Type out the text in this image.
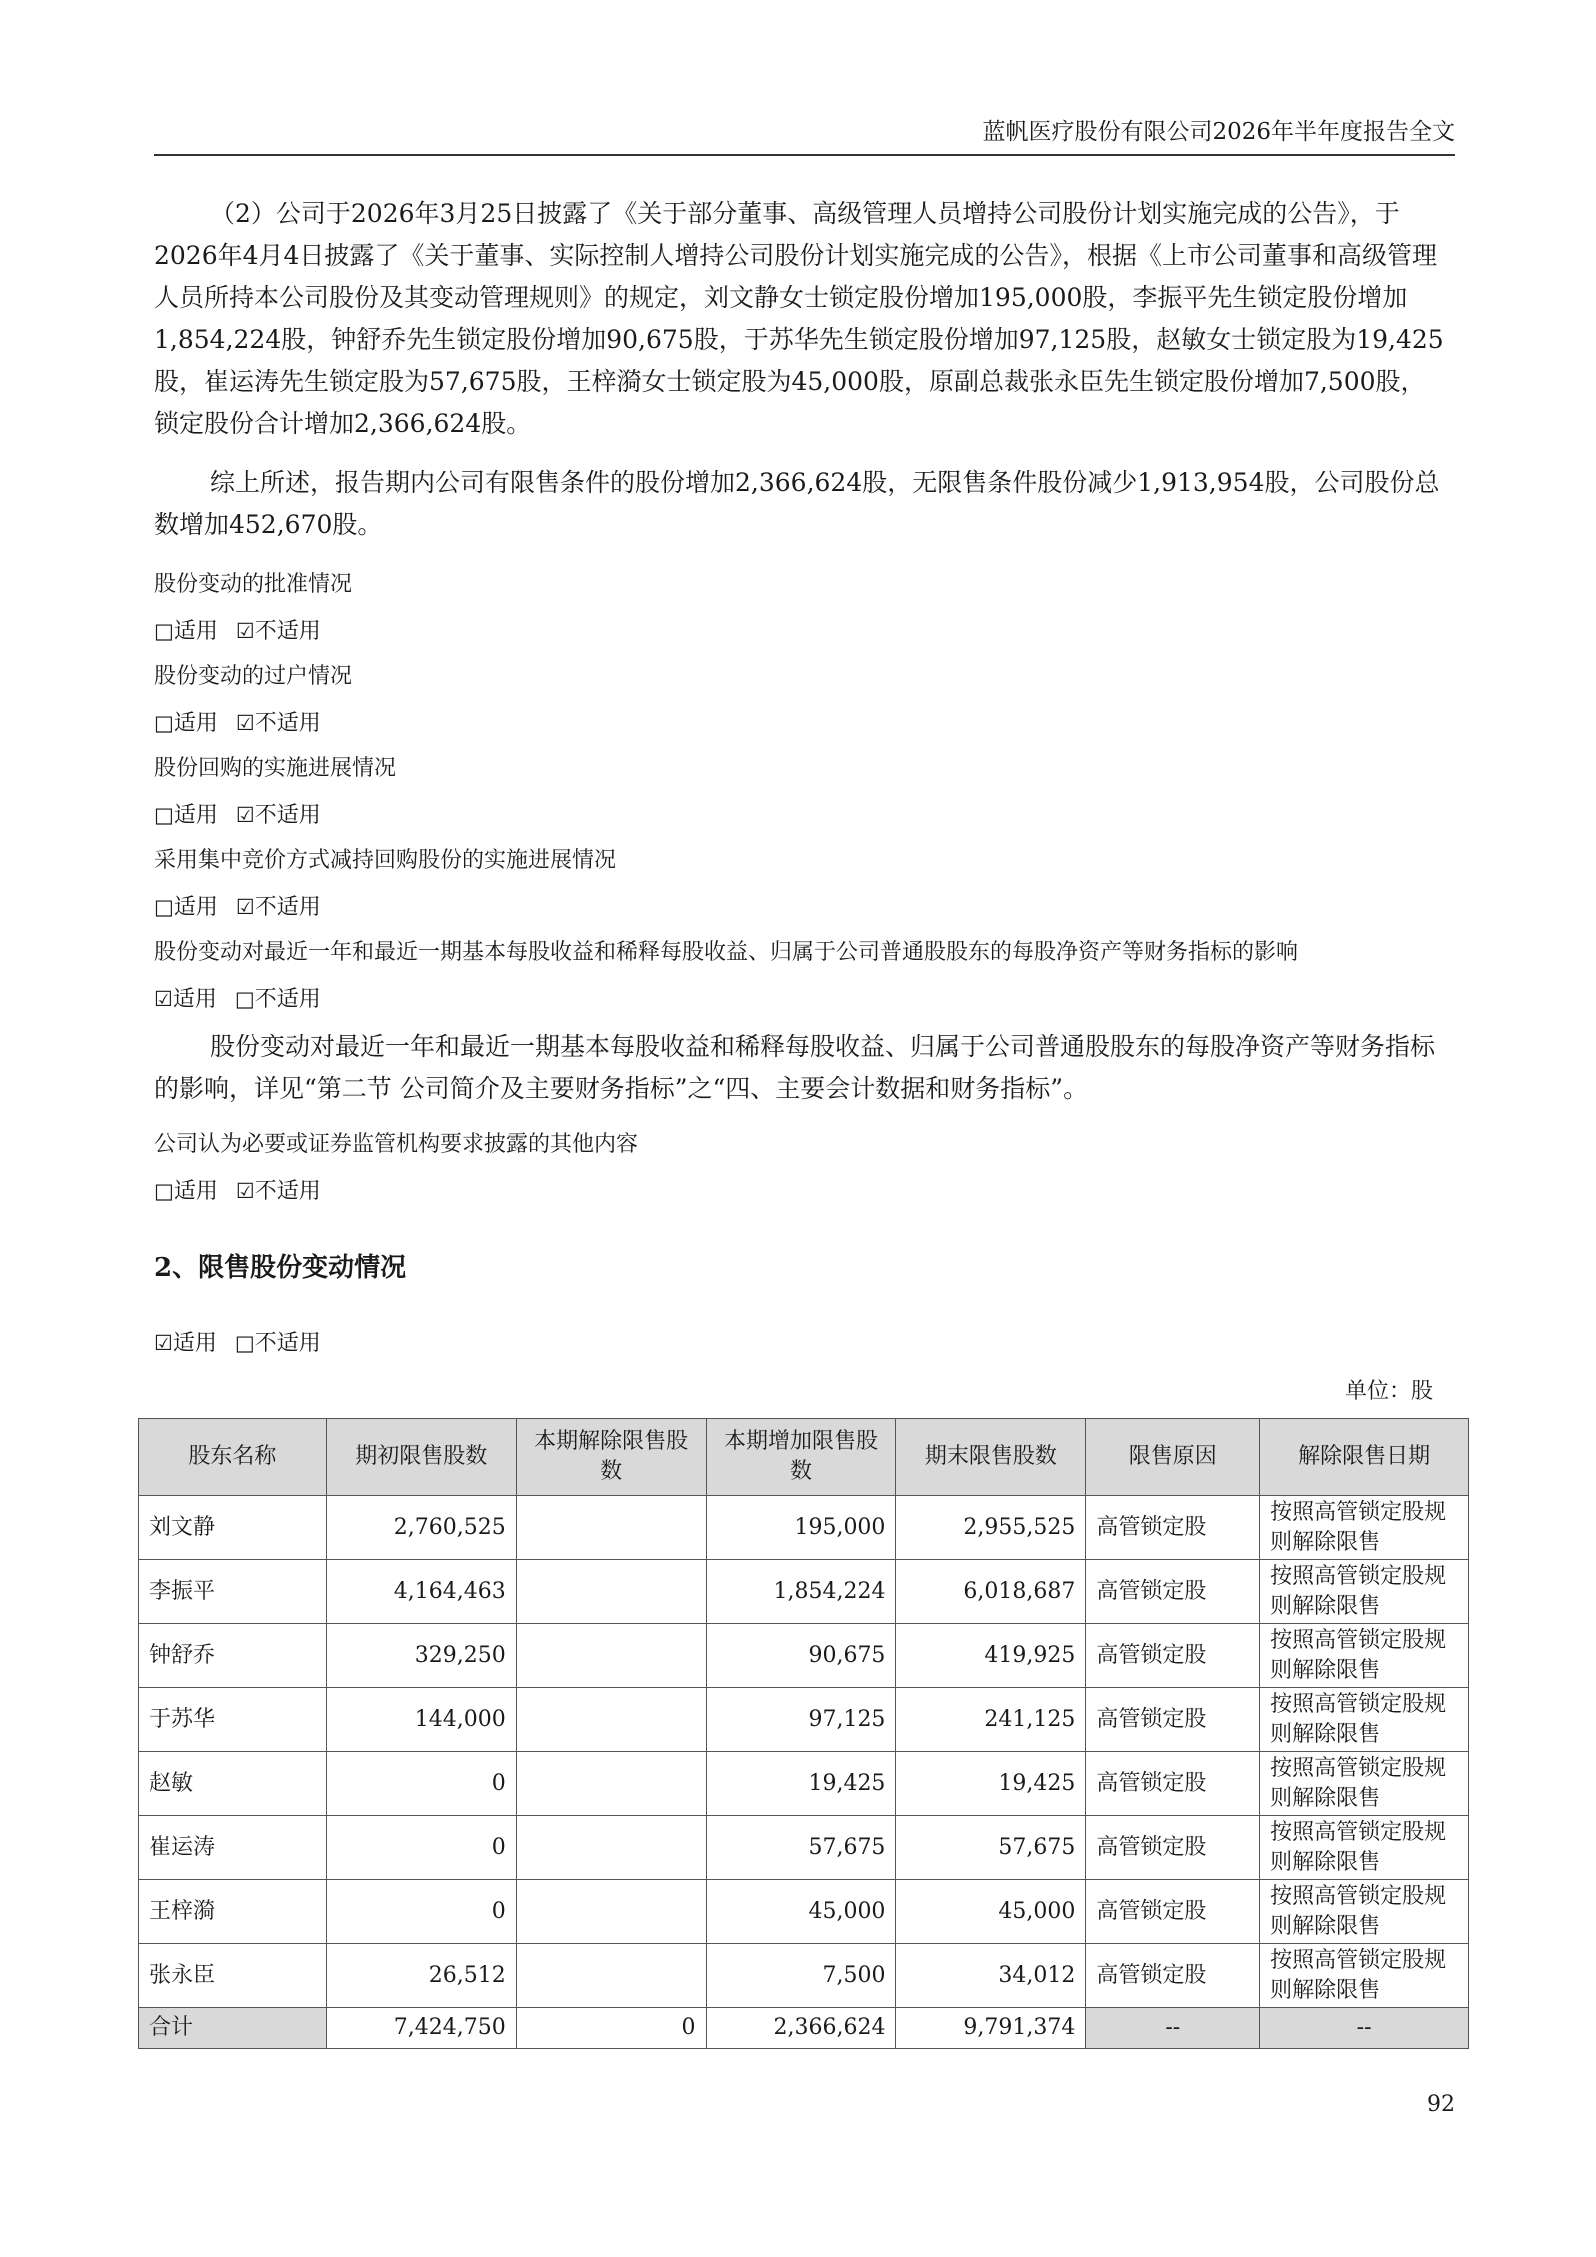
蓝帆医疗股份有限公司2026年半年度报告全文

（2）公司于2026年3月25日披露了《关于部分董事、高级管理人员增持公司股份计划实施完成的公告》，于2026年4月4日披露了《关于董事、实际控制人增持公司股份计划实施完成的公告》，根据《上市公司董事和高级管理人员所持本公司股份及其变动管理规则》的规定，刘文静女士锁定股份增加195,000股，李振平先生锁定股份增加1,854,224股，钟舒乔先生锁定股份增加90,675股，于苏华先生锁定股份增加97,125股，赵敏女士锁定股为19,425股，崔运涛先生锁定股为57,675股，王梓漪女士锁定股为45,000股，原副总裁张永臣先生锁定股份增加7,500股，锁定股份合计增加2,366,624股。

综上所述，报告期内公司有限售条件的股份增加2,366,624股，无限售条件股份减少1,913,954股，公司股份总数增加452,670股。

股份变动的批准情况
□适用 ☑不适用
股份变动的过户情况
□适用 ☑不适用
股份回购的实施进展情况
□适用 ☑不适用
采用集中竞价方式减持回购股份的实施进展情况
□适用 ☑不适用
股份变动对最近一年和最近一期基本每股收益和稀释每股收益、归属于公司普通股股东的每股净资产等财务指标的影响
☑适用 □不适用

股份变动对最近一年和最近一期基本每股收益和稀释每股收益、归属于公司普通股股东的每股净资产等财务指标的影响，详见“第二节 公司简介及主要财务指标”之“四、主要会计数据和财务指标”。

公司认为必要或证券监管机构要求披露的其他内容
□适用 ☑不适用
2、限售股份变动情况
☑适用 □不适用
单位：股
股东名称	期初限售股数	本期解除限售股数	本期增加限售股数	期末限售股数	限售原因	解除限售日期
刘文静	2,760,525		195,000	2,955,525	高管锁定股	按照高管锁定股规则解除限售
李振平	4,164,463		1,854,224	6,018,687	高管锁定股	按照高管锁定股规则解除限售
钟舒乔	329,250		90,675	419,925	高管锁定股	按照高管锁定股规则解除限售
于苏华	144,000		97,125	241,125	高管锁定股	按照高管锁定股规则解除限售
赵敏	0		19,425	19,425	高管锁定股	按照高管锁定股规则解除限售
崔运涛	0		57,675	57,675	高管锁定股	按照高管锁定股规则解除限售
王梓漪	0		45,000	45,000	高管锁定股	按照高管锁定股规则解除限售
张永臣	26,512		7,500	34,012	高管锁定股	按照高管锁定股规则解除限售
合计	7,424,750	0	2,366,624	9,791,374	--	--
92
